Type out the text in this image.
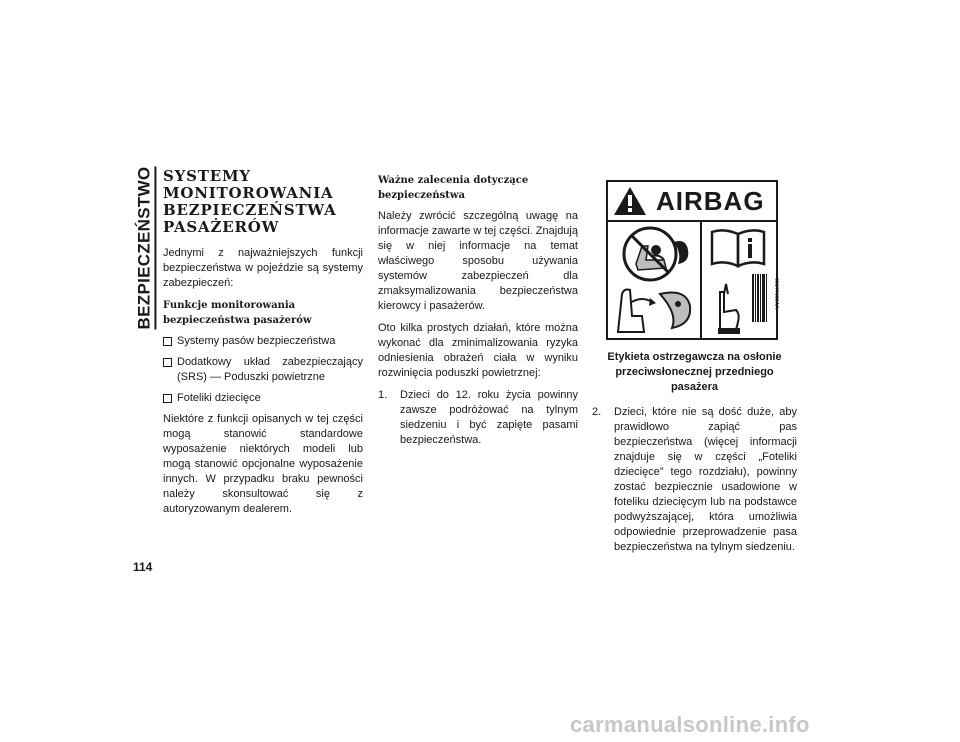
BEZPIECZEŃSTWO
114
SYSTEMY
MONITOROWANIA
BEZPIECZEŃSTWA
PASAŻERÓW

Jednymi z najważniejszych funkcji bezpieczeństwa w pojeździe są systemy zabezpieczeń:

Funkcje monitorowania bezpieczeństwa pasażerów
Systemy pasów bezpieczeństwa
Dodatkowy układ zabezpieczający (SRS) — Poduszki powietrzne
Foteliki dziecięce

Niektóre z funkcji opisanych w tej części mogą stanowić standardowe wyposażenie niektórych modeli lub mogą stanowić opcjonalne wyposażenie innych. W przypadku braku pewności należy skonsultować się z autoryzowanym dealerem.

Ważne zalecenia dotyczące bezpieczeństwa

Należy zwrócić szczególną uwagę na informacje zawarte w tej części. Znajdują się w niej informacje na temat właściwego sposobu używania systemów zabezpieczeń dla zmaksymalizowania bezpieczeństwa kierowcy i pasażerów.

Oto kilka prostych działań, które można wykonać dla zminimalizowania ryzyka odniesienia obrażeń ciała w wyniku rozwinięcia poduszki powietrznej:

1.	Dzieci do 12. roku życia powinny zawsze podróżować na tylnym siedzeniu i być zapięte pasami bezpieczeństwa.
AIRBAG
68177660AA
Etykieta ostrzegawcza na osłonie przeciwsłonecznej przedniego pasażera
2.	Dzieci, które nie są dość duże, aby prawidłowo zapiąć pas bezpieczeństwa (więcej informacji znajduje się w części „Foteliki dziecięce” tego rozdziału), powinny zostać bezpiecznie usadowione w foteliku dziecięcym lub na podstawce podwyższającej, która umożliwia odpowiednie przeprowadzenie pasa bezpieczeństwa na tylnym siedzeniu.
carmanualsonline.info
